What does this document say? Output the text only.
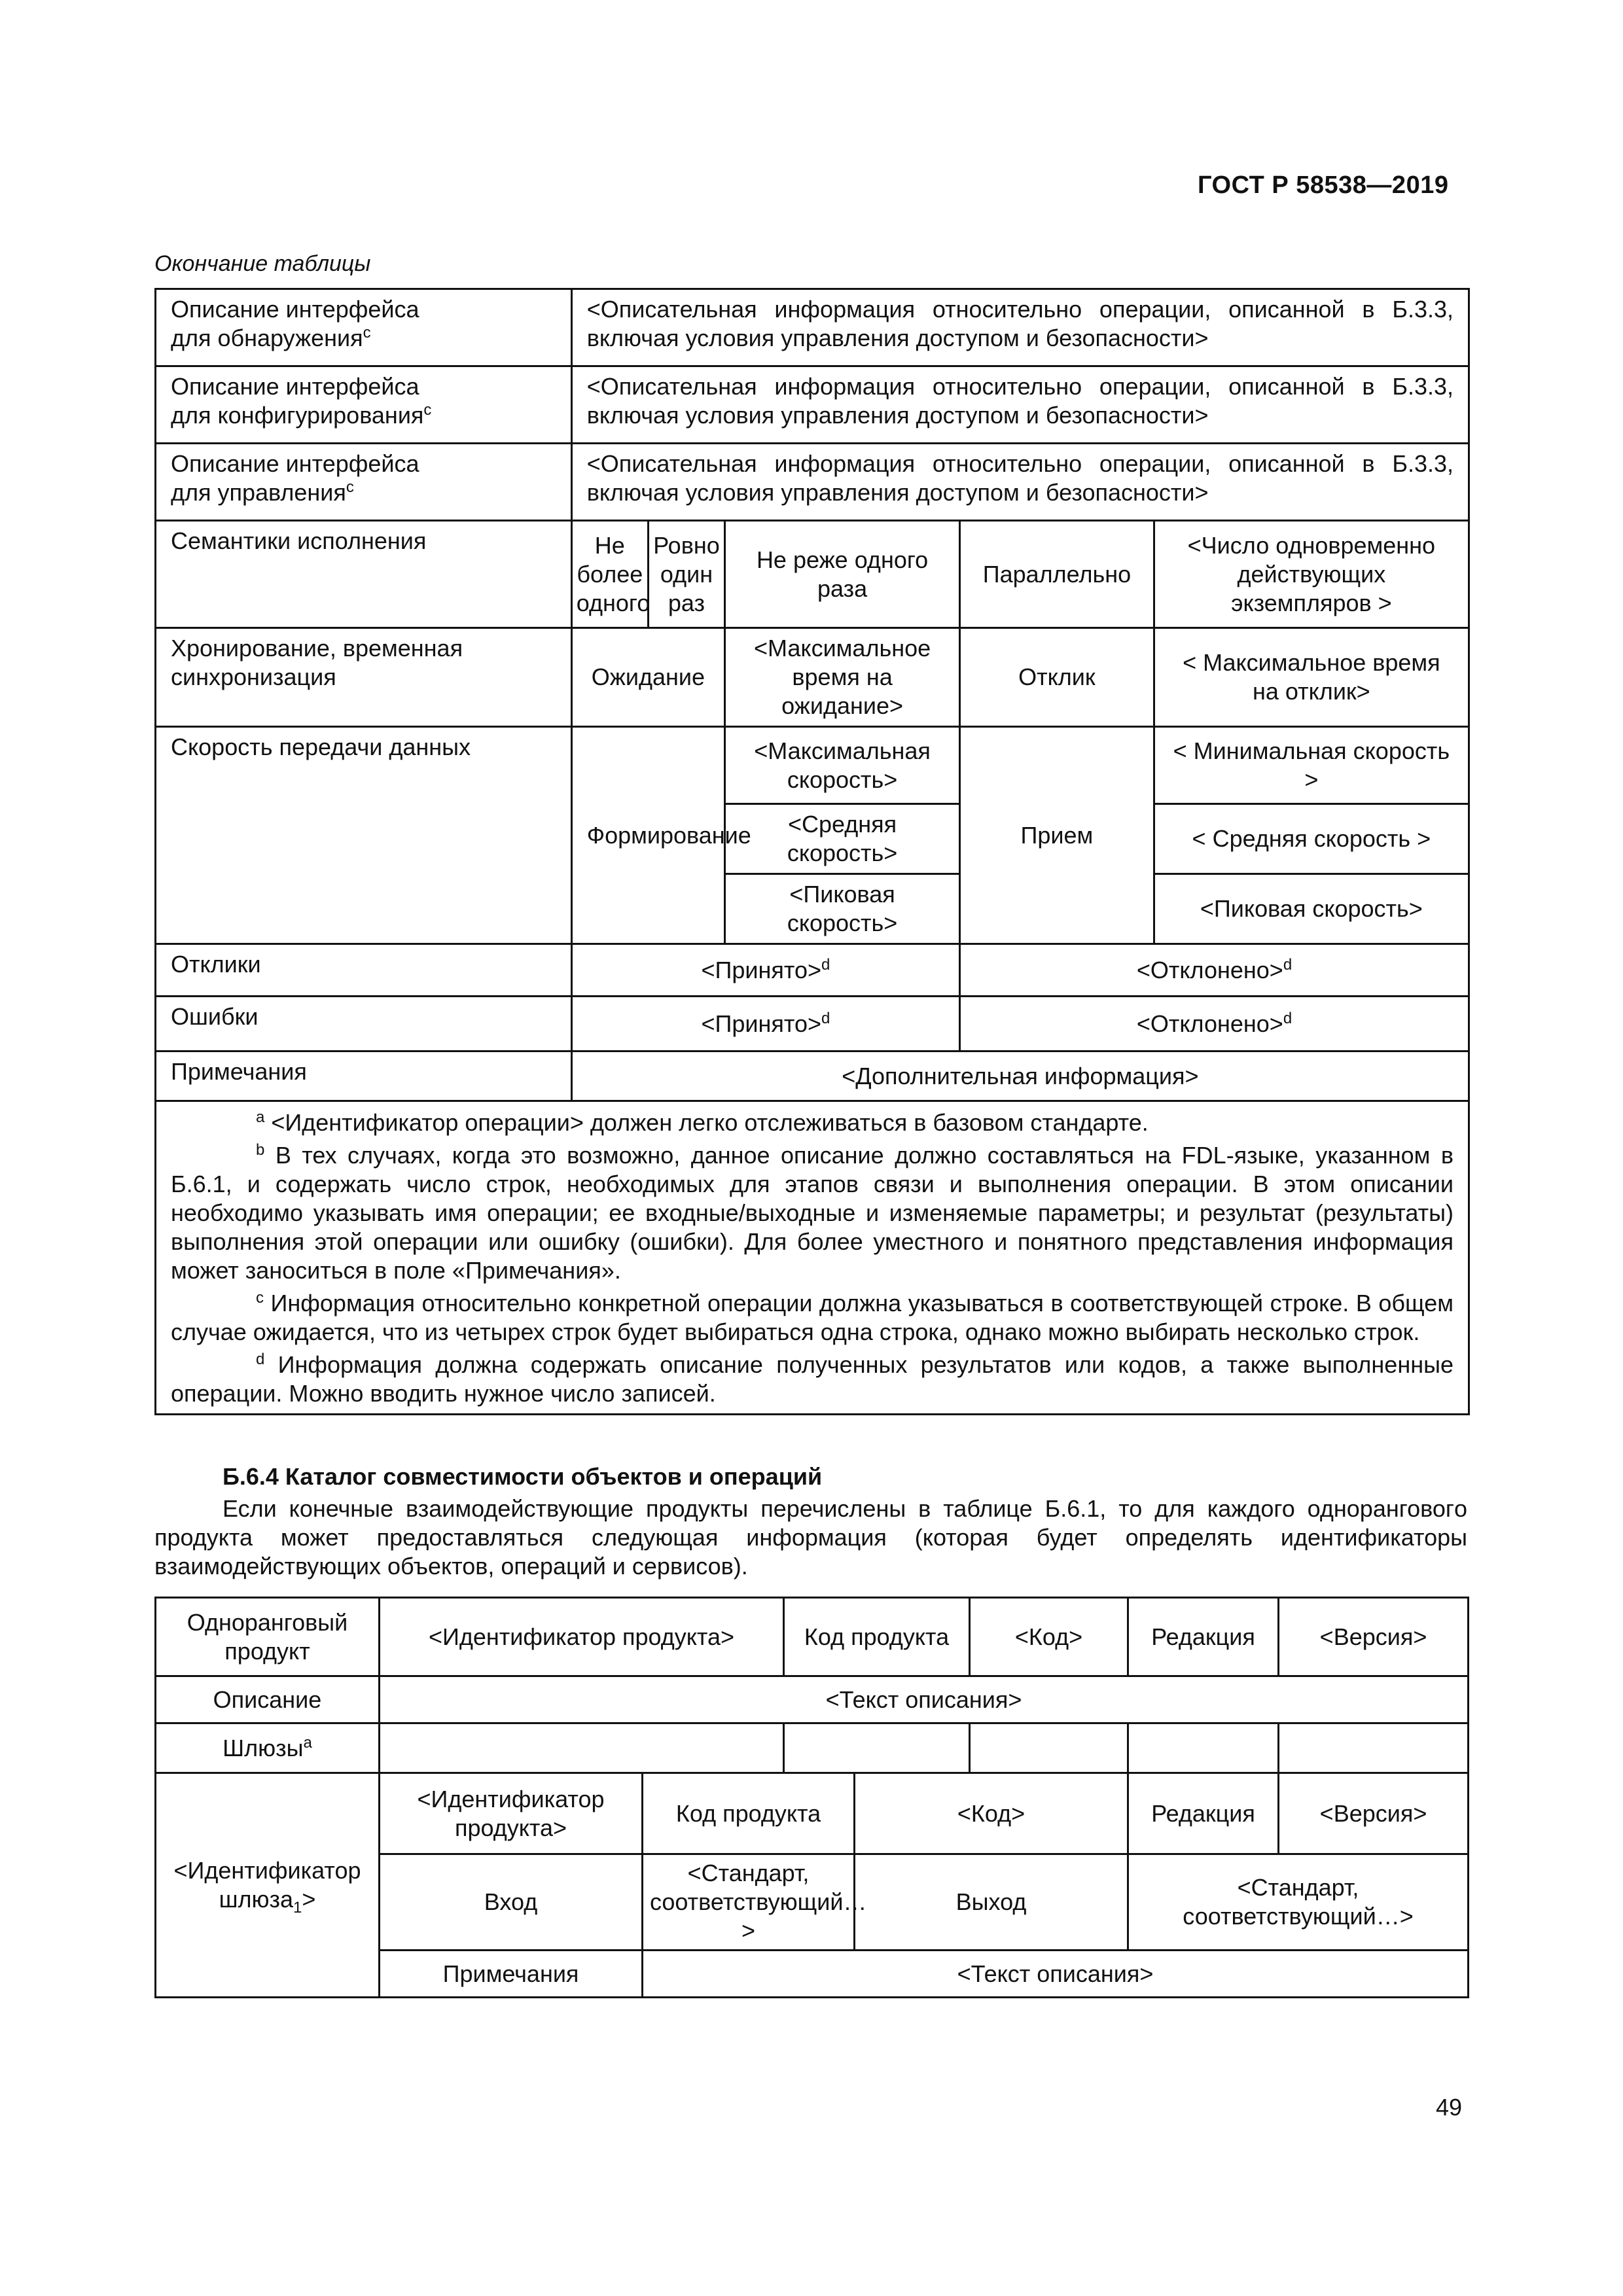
ГОСТ Р 58538—2019
Окончание таблицы
Описание интерфейса
для обнаружения$^c$	<Описательная информация относительно операции, описанной в Б.3.3, включая условия управления доступом и безопасности>				
Описание интерфейса
для конфигурирования$^c$	<Описательная информация относительно операции, описанной в Б.3.3, включая условия управления доступом и безопасности>				
Описание интерфейса
для управления$^c$	<Описательная информация относительно операции, описанной в Б.3.3, включая условия управления доступом и безопасности>				
Семантики исполнения	Не более одного	Ровно один раз	Не реже одного раза	Параллельно	<Число одновременно действующих экземпляров >
Хронирование, временная синхронизация	Ожидание		<Максимальное время на ожидание>	Отклик	< Максимальное время на отклик>
Скорость передачи данных	Формирование		<Максимальная скорость>	Прием	< Минимальная скорость >
			<Средняя скорость>		< Средняя скорость >
			<Пиковая скорость>		<Пиковая скорость>
Отклики	<Принято>$^d$			<Отклонено>$^d$
Ошибки	<Принято>$^d$			<Отклонено>$^d$
Примечания	<Дополнительная информация>				

$^a$ <Идентификатор операции> должен легко отслеживаться в базовом стандарте.

$^b$ В тех случаях, когда это возможно, данное описание должно составляться на FDL-языке, указанном в Б.6.1, и содержать число строк, необходимых для этапов связи и выполнения операции. В этом описании необходимо указывать имя операции; ее входные/выходные и изменяемые параметры; и результат (результаты) выполнения этой операции или ошибку (ошибки). Для более уместного и понятного представления информация может заноситься в поле «Примечания».

$^c$ Информация относительно конкретной операции должна указываться в соответствующей строке. В общем случае ожидается, что из четырех строк будет выбираться одна строка, однако можно выбирать несколько строк.

$^d$ Информация должна содержать описание полученных результатов или кодов, а также выполненные операции. Можно вводить нужное число записей.					

Б.6.4 Каталог совместимости объектов и операций
Если конечные взаимодействующие продукты перечислены в таблице Б.6.1, то для каждого одноранговогo продукта может предоставляться следующая информация (которая будет определять идентификаторы взаимодействующих объектов, операций и сервисов).
Одноранговый продукт	<Идентификатор продукта>		Код продукта		<Код>	Редакция	<Версия>
Описание	<Текст описания>						
Шлюзы$^a$					
<Идентификатор шлюза$_1$>	<Идентификатор продукта>	Код продукта		<Код>		Редакция	<Версия>
	Вход	<Стандарт, соответствующий…>		Выход		<Стандарт, соответствующий…>	
	Примечания	<Текст описания>					
49
